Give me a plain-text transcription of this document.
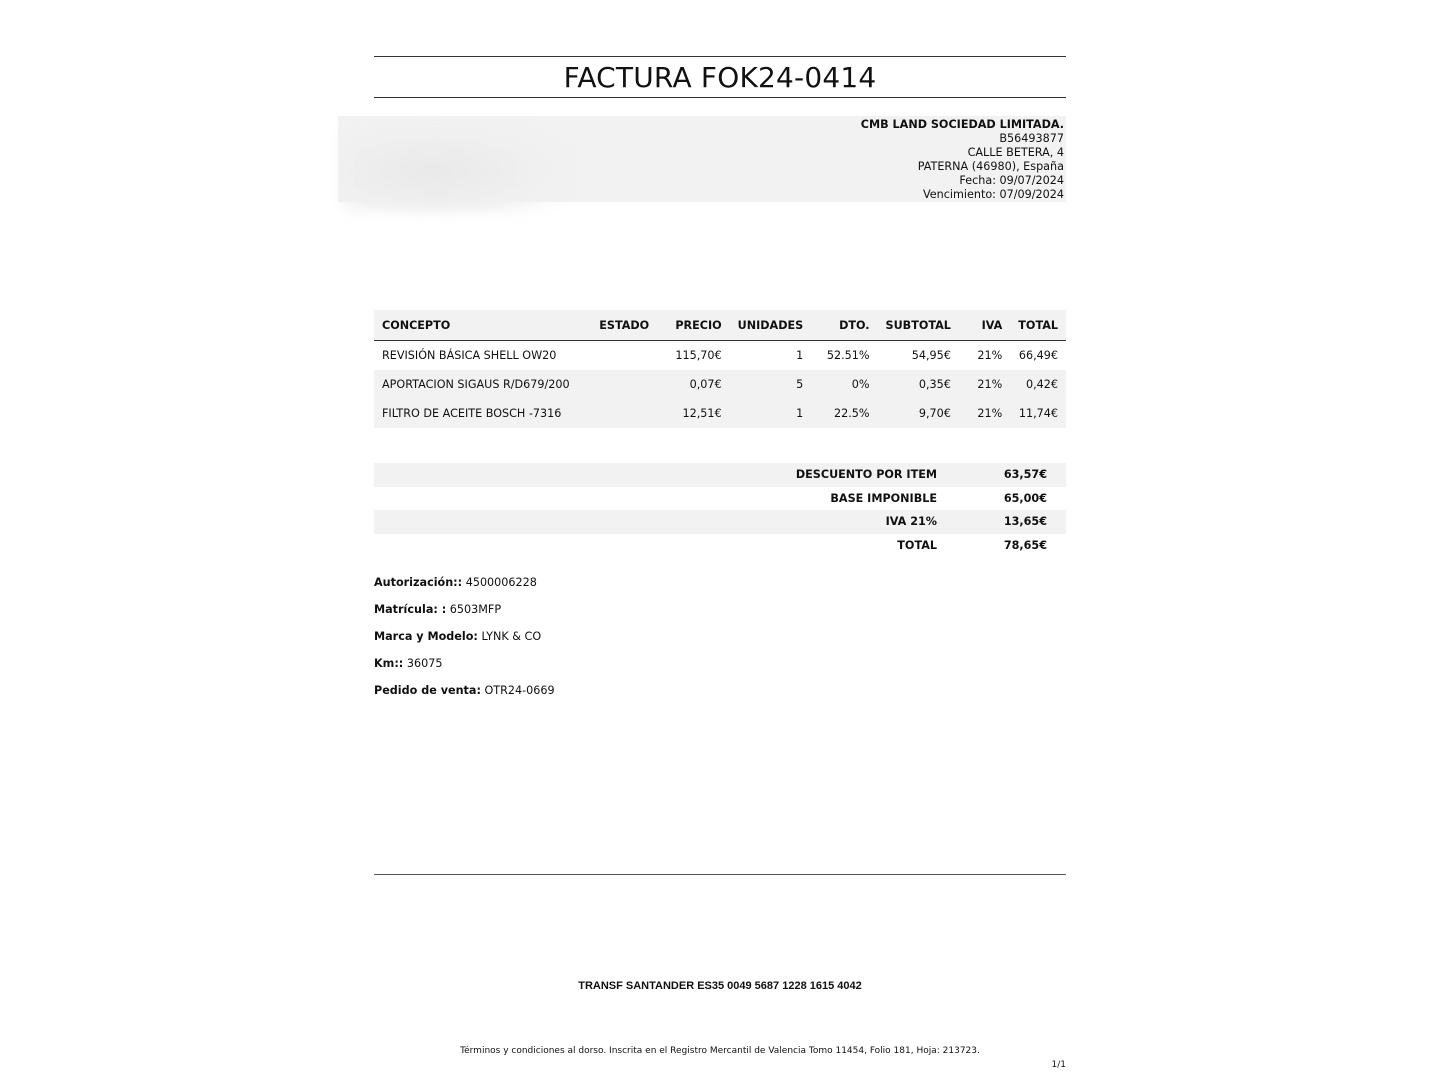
FACTURA FOK24-0414
CMB LAND SOCIEDAD LIMITADA.
B56493877
CALLE BETERA, 4
PATERNA (46980), España
Fecha: 09/07/2024
Vencimiento: 07/09/2024
CONCEPTO	ESTADO	PRECIO	UNIDADES	DTO.	SUBTOTAL	IVA	TOTAL
REVISIÓN BÁSICA SHELL OW20		115,70€	1	52.51%	54,95€	21%	66,49€
APORTACION SIGAUS R/D679/200		0,07€	5	0%	0,35€	21%	0,42€
FILTRO DE ACEITE BOSCH -7316		12,51€	1	22.5%	9,70€	21%	11,74€
DESCUENTO POR ITEM	63,57€
BASE IMPONIBLE	65,00€
IVA 21%	13,65€
TOTAL	78,65€
Autorización:: 4500006228
Matrícula: : 6503MFP
Marca y Modelo: LYNK & CO
Km:: 36075
Pedido de venta: OTR24-0669
TRANSF SANTANDER ES35 0049 5687 1228 1615 4042
Términos y condiciones al dorso. Inscrita en el Registro Mercantil de Valencia Tomo 11454, Folio 181, Hoja: 213723.
1/1
